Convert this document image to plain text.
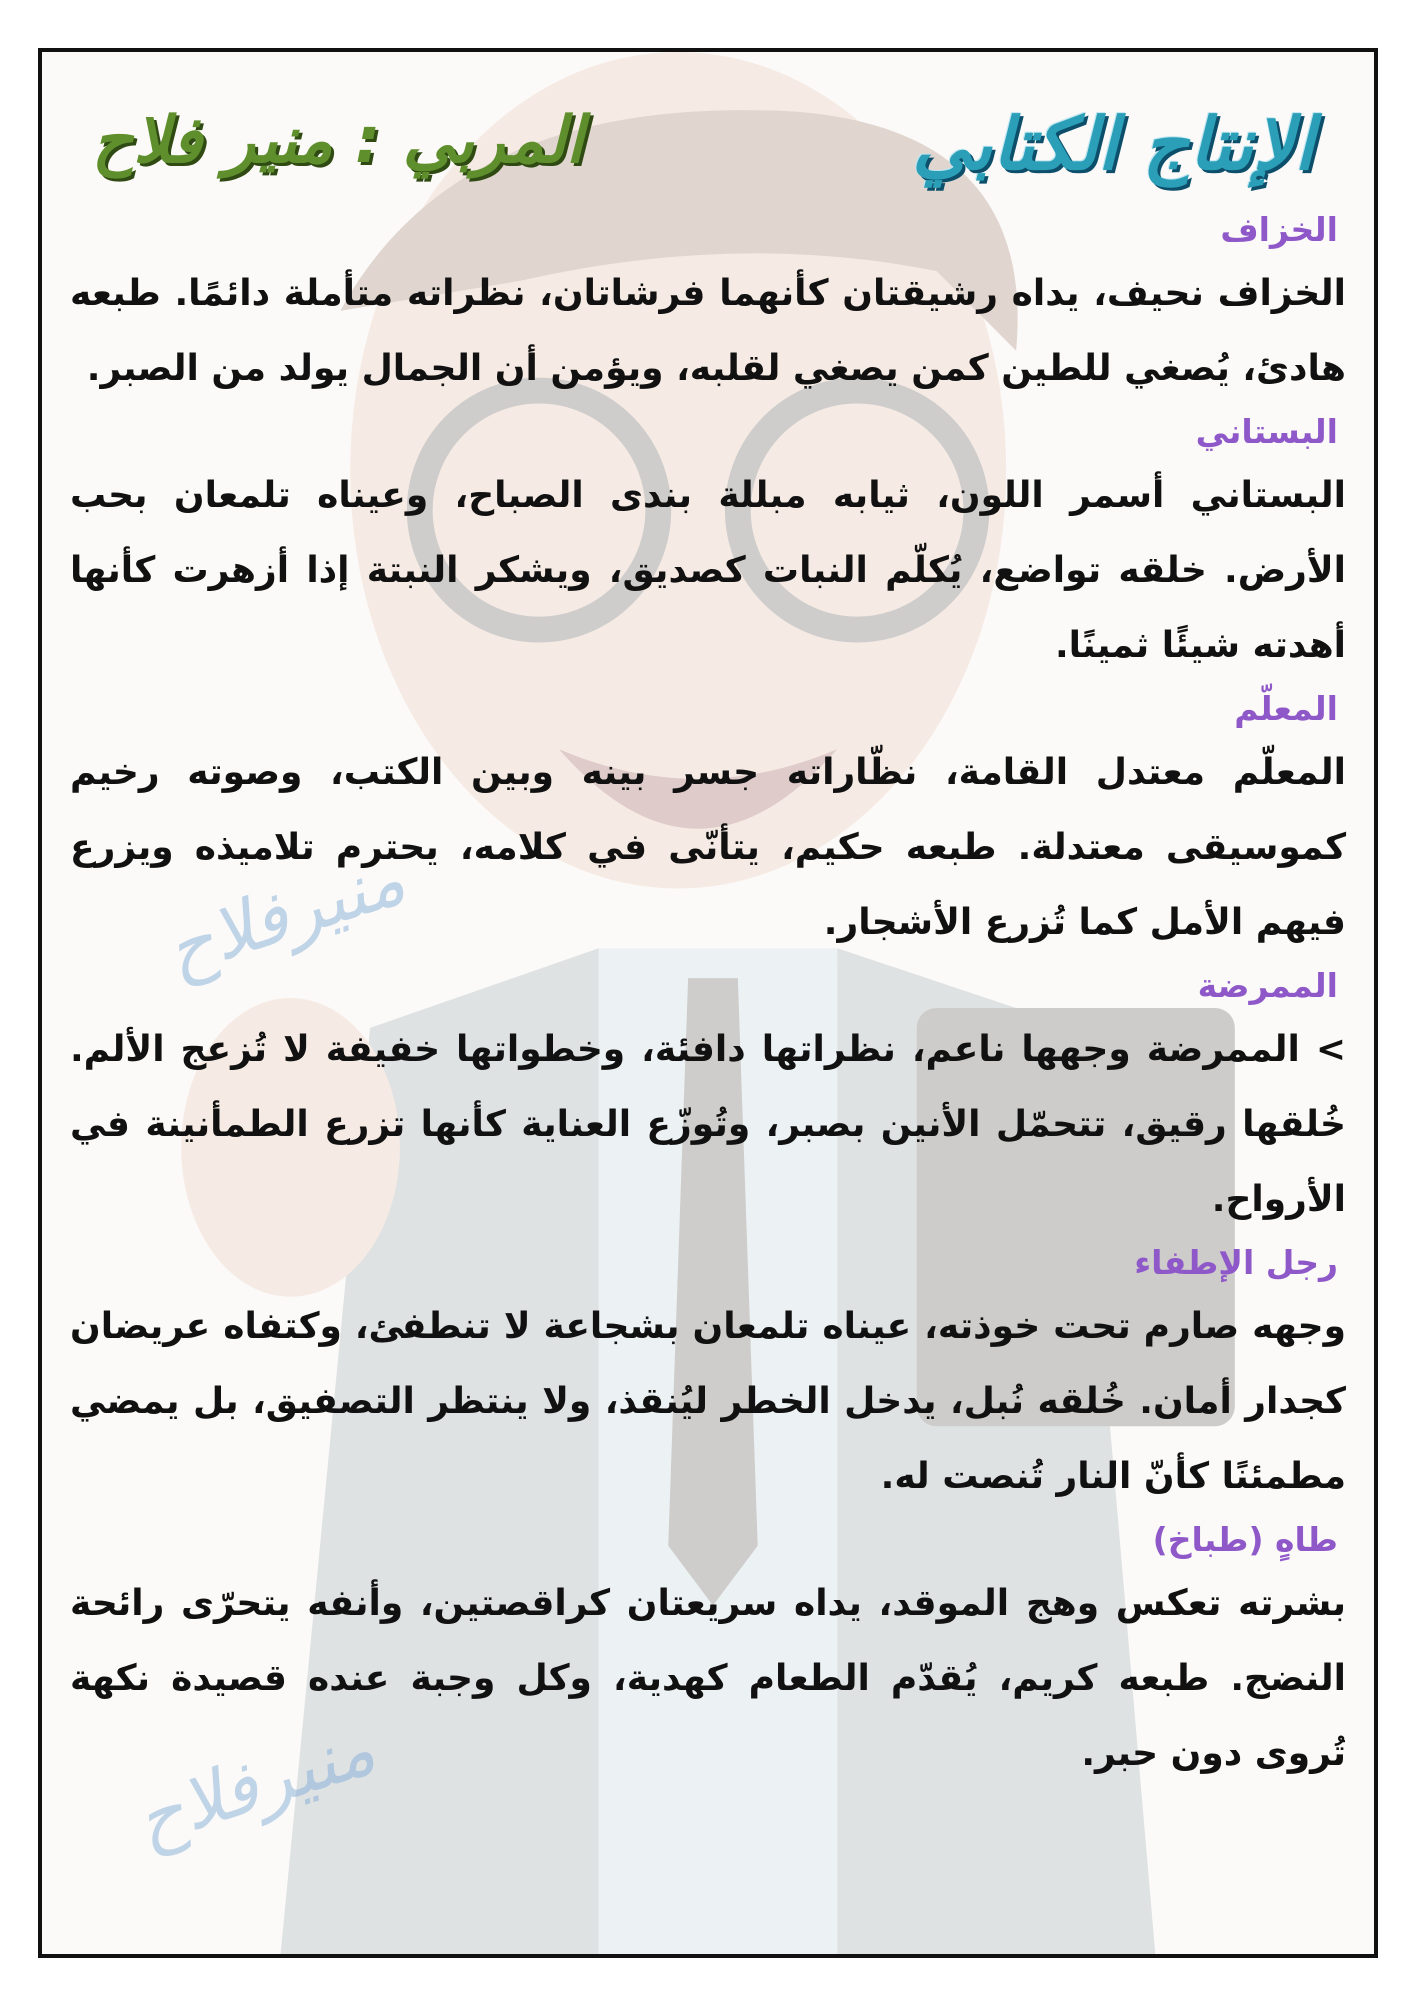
منيرفلاح
منيرفلاح
الإنتاج الكتابي
المربي : منير فلاح
الخزاف

الخزاف نحيف، يداه رشيقتان كأنهما فرشاتان، نظراته متأملة دائمًا. طبعه هادئ، يُصغي للطين كمن يصغي لقلبه، ويؤمن أن الجمال يولد من الصبر.

البستاني

البستاني أسمر اللون، ثيابه مبللة بندى الصباح، وعيناه تلمعان بحب الأرض. خلقه تواضع، يُكلّم النبات كصديق، ويشكر النبتة إذا أزهرت كأنها أهدته شيئًا ثمينًا.

المعلّم

المعلّم معتدل القامة، نظّاراته جسر بينه وبين الكتب، وصوته رخيم كموسيقى معتدلة. طبعه حكيم، يتأنّى في كلامه، يحترم تلاميذه ويزرع فيهم الأمل كما تُزرع الأشجار.

الممرضة

> الممرضة وجهها ناعم، نظراتها دافئة، وخطواتها خفيفة لا تُزعج الألم. خُلقها رقيق، تتحمّل الأنين بصبر، وتُوزّع العناية كأنها تزرع الطمأنينة في الأرواح.

رجل الإطفاء

وجهه صارم تحت خوذته، عيناه تلمعان بشجاعة لا تنطفئ، وكتفاه عريضان كجدار أمان. خُلقه نُبل، يدخل الخطر ليُنقذ، ولا ينتظر التصفيق، بل يمضي مطمئنًا كأنّ النار تُنصت له.

طاهٍ (طباخ)

بشرته تعكس وهج الموقد، يداه سريعتان كراقصتين، وأنفه يتحرّى رائحة النضج. طبعه كريم، يُقدّم الطعام كهدية، وكل وجبة عنده قصيدة نكهة تُروى دون حبر.
